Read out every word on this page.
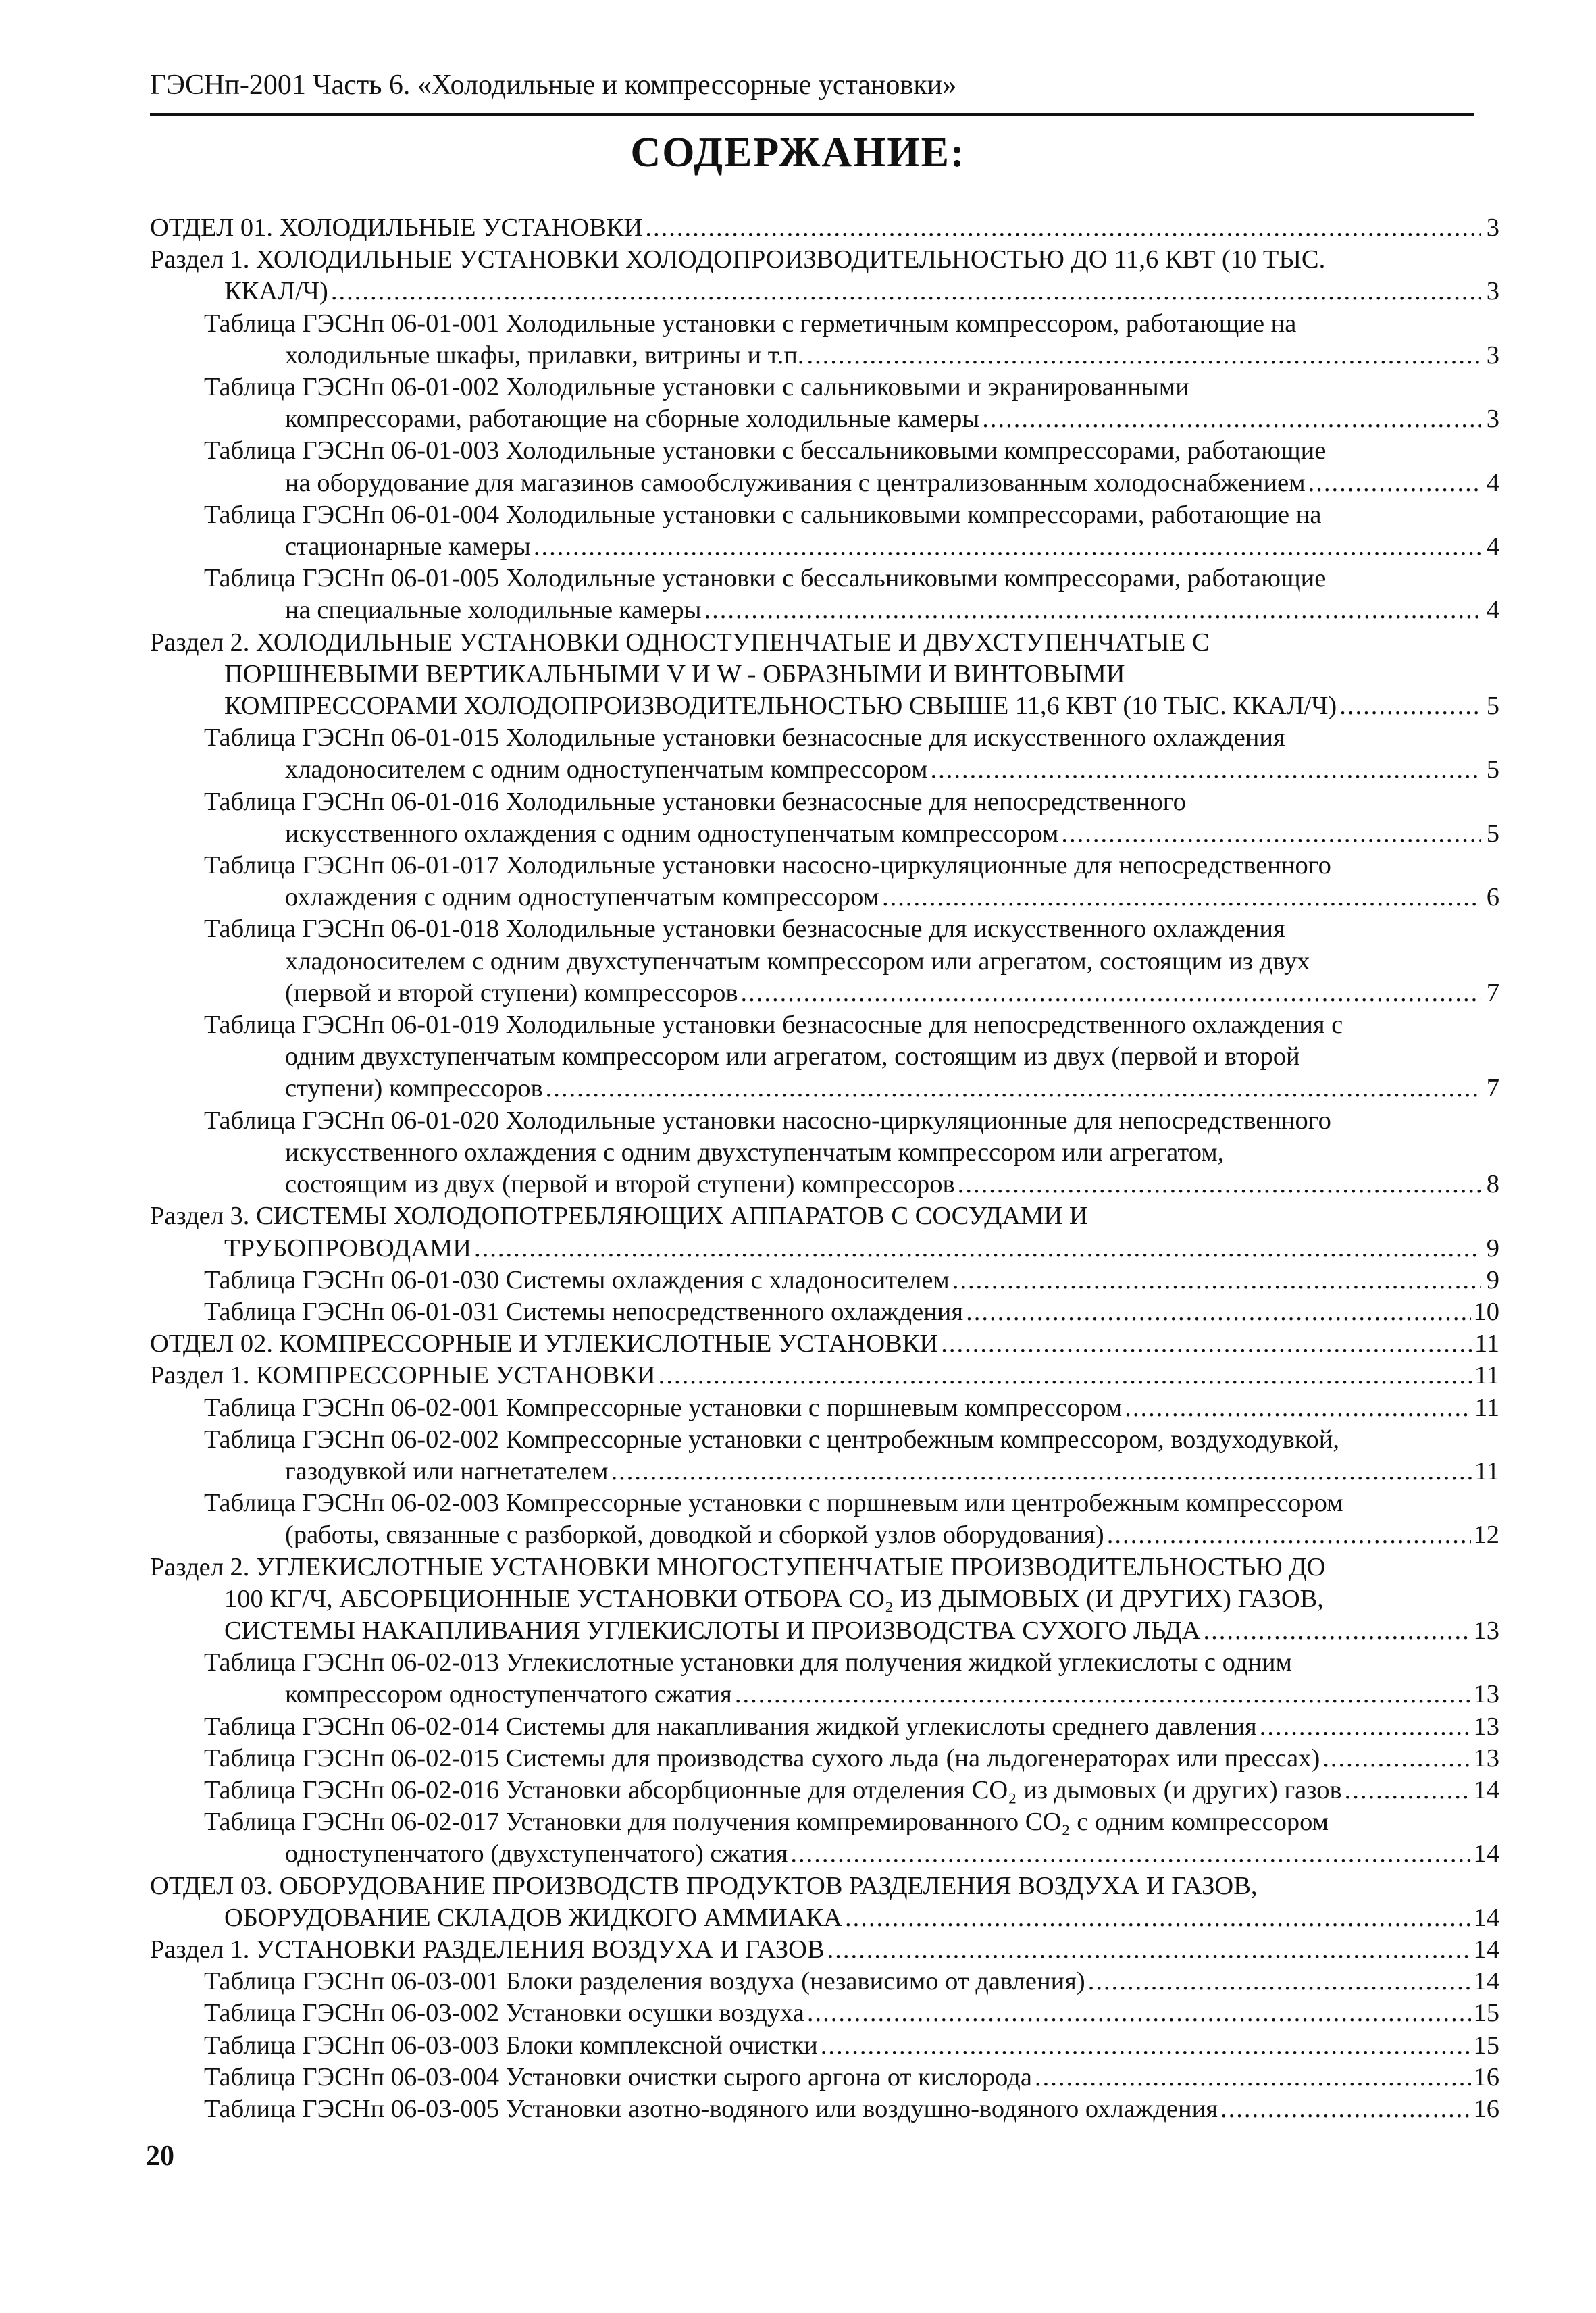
ГЭСНп-2001 Часть 6. «Холодильные и компрессорные установки»
СОДЕРЖАНИЕ:
ОТДЕЛ 01. ХОЛОДИЛЬНЫЕ УСТАНОВКИ .....	3
Раздел 1. ХОЛОДИЛЬНЫЕ УСТАНОВКИ ХОЛОДОПРОИЗВОДИТЕЛЬНОСТЬЮ ДО 11,6 КВТ (10 ТЫС.
ККАЛ/Ч) .....	3
Таблица ГЭСНп 06-01-001 Холодильные установки с герметичным компрессором, работающие на
холодильные шкафы, прилавки, витрины и т.п. .....	3
Таблица ГЭСНп 06-01-002 Холодильные установки с сальниковыми и экранированными
компрессорами, работающие на сборные холодильные камеры .....	3
Таблица ГЭСНп 06-01-003 Холодильные установки с бессальниковыми компрессорами, работающие
на оборудование для магазинов самообслуживания с централизованным холодоснабжением .....	4
Таблица ГЭСНп 06-01-004 Холодильные установки с сальниковыми компрессорами, работающие на
стационарные камеры .....	4
Таблица ГЭСНп 06-01-005 Холодильные установки с бессальниковыми компрессорами, работающие
на специальные холодильные камеры .....	4
Раздел 2. ХОЛОДИЛЬНЫЕ УСТАНОВКИ ОДНОСТУПЕНЧАТЫЕ И ДВУХСТУПЕНЧАТЫЕ С
ПОРШНЕВЫМИ ВЕРТИКАЛЬНЫМИ V И W - ОБРАЗНЫМИ И ВИНТОВЫМИ
КОМПРЕССОРАМИ ХОЛОДОПРОИЗВОДИТЕЛЬНОСТЬЮ СВЫШЕ 11,6 КВТ (10 ТЫС. ККАЛ/Ч) .....	5
Таблица ГЭСНп 06-01-015 Холодильные установки безнасосные для искусственного охлаждения
хладоносителем с одним одноступенчатым компрессором .....	5
Таблица ГЭСНп 06-01-016 Холодильные установки безнасосные для непосредственного
искусственного охлаждения с одним одноступенчатым компрессором .....	5
Таблица ГЭСНп 06-01-017 Холодильные установки насосно-циркуляционные для непосредственного
охлаждения с одним одноступенчатым компрессором .....	6
Таблица ГЭСНп 06-01-018 Холодильные установки безнасосные для искусственного охлаждения
хладоносителем с одним двухступенчатым компрессором или агрегатом, состоящим из двух
(первой и второй ступени) компрессоров .....	7
Таблица ГЭСНп 06-01-019 Холодильные установки безнасосные для непосредственного охлаждения с
одним двухступенчатым компрессором или агрегатом, состоящим из двух (первой и второй
ступени) компрессоров .....	7
Таблица ГЭСНп 06-01-020 Холодильные установки насосно-циркуляционные для непосредственного
искусственного охлаждения с одним двухступенчатым компрессором или агрегатом,
состоящим из двух (первой и второй ступени) компрессоров .....	8
Раздел 3. СИСТЕМЫ ХОЛОДОПОТРЕБЛЯЮЩИХ АППАРАТОВ С СОСУДАМИ И
ТРУБОПРОВОДАМИ .....	9
Таблица ГЭСНп 06-01-030 Системы охлаждения с хладоносителем .....	9
Таблица ГЭСНп 06-01-031 Системы непосредственного охлаждения .....	10
ОТДЕЛ 02. КОМПРЕССОРНЫЕ И УГЛЕКИСЛОТНЫЕ УСТАНОВКИ .....	11
Раздел 1. КОМПРЕССОРНЫЕ УСТАНОВКИ .....	11
Таблица ГЭСНп 06-02-001 Компрессорные установки с поршневым компрессором .....	11
Таблица ГЭСНп 06-02-002 Компрессорные установки с центробежным компрессором, воздуходувкой,
газодувкой или нагнетателем .....	11
Таблица ГЭСНп 06-02-003 Компрессорные установки с поршневым или центробежным компрессором
(работы, связанные с разборкой, доводкой и сборкой узлов оборудования) .....	12
Раздел 2. УГЛЕКИСЛОТНЫЕ УСТАНОВКИ МНОГОСТУПЕНЧАТЫЕ ПРОИЗВОДИТЕЛЬНОСТЬЮ ДО
100 КГ/Ч, АБСОРБЦИОННЫЕ УСТАНОВКИ ОТБОРА CO₂ ИЗ ДЫМОВЫХ (И ДРУГИХ) ГАЗОВ,
СИСТЕМЫ НАКАПЛИВАНИЯ УГЛЕКИСЛОТЫ И ПРОИЗВОДСТВА СУХОГО ЛЬДА .....	13
Таблица ГЭСНп 06-02-013 Углекислотные установки для получения жидкой углекислоты с одним
компрессором одноступенчатого сжатия .....	13
Таблица ГЭСНп 06-02-014 Системы для накапливания жидкой углекислоты среднего давления .....	13
Таблица ГЭСНп 06-02-015 Системы для производства сухого льда (на льдогенераторах или прессах) .....	13
Таблица ГЭСНп 06-02-016 Установки абсорбционные для отделения CO₂ из дымовых (и других) газов .....	14
Таблица ГЭСНп 06-02-017 Установки для получения компремированного CO₂ с одним компрессором
одноступенчатого (двухступенчатого) сжатия .....	14
ОТДЕЛ 03. ОБОРУДОВАНИЕ ПРОИЗВОДСТВ ПРОДУКТОВ РАЗДЕЛЕНИЯ ВОЗДУХА И ГАЗОВ,
ОБОРУДОВАНИЕ СКЛАДОВ ЖИДКОГО АММИАКА .....	14
Раздел 1. УСТАНОВКИ РАЗДЕЛЕНИЯ ВОЗДУХА И ГАЗОВ .....	14
Таблица ГЭСНп 06-03-001 Блоки разделения воздуха (независимо от давления) .....	14
Таблица ГЭСНп 06-03-002 Установки осушки воздуха .....	15
Таблица ГЭСНп 06-03-003 Блоки комплексной очистки .....	15
Таблица ГЭСНп 06-03-004 Установки очистки сырого аргона от кислорода .....	16
Таблица ГЭСНп 06-03-005 Установки азотно-водяного или воздушно-водяного охлаждения .....	16
20
